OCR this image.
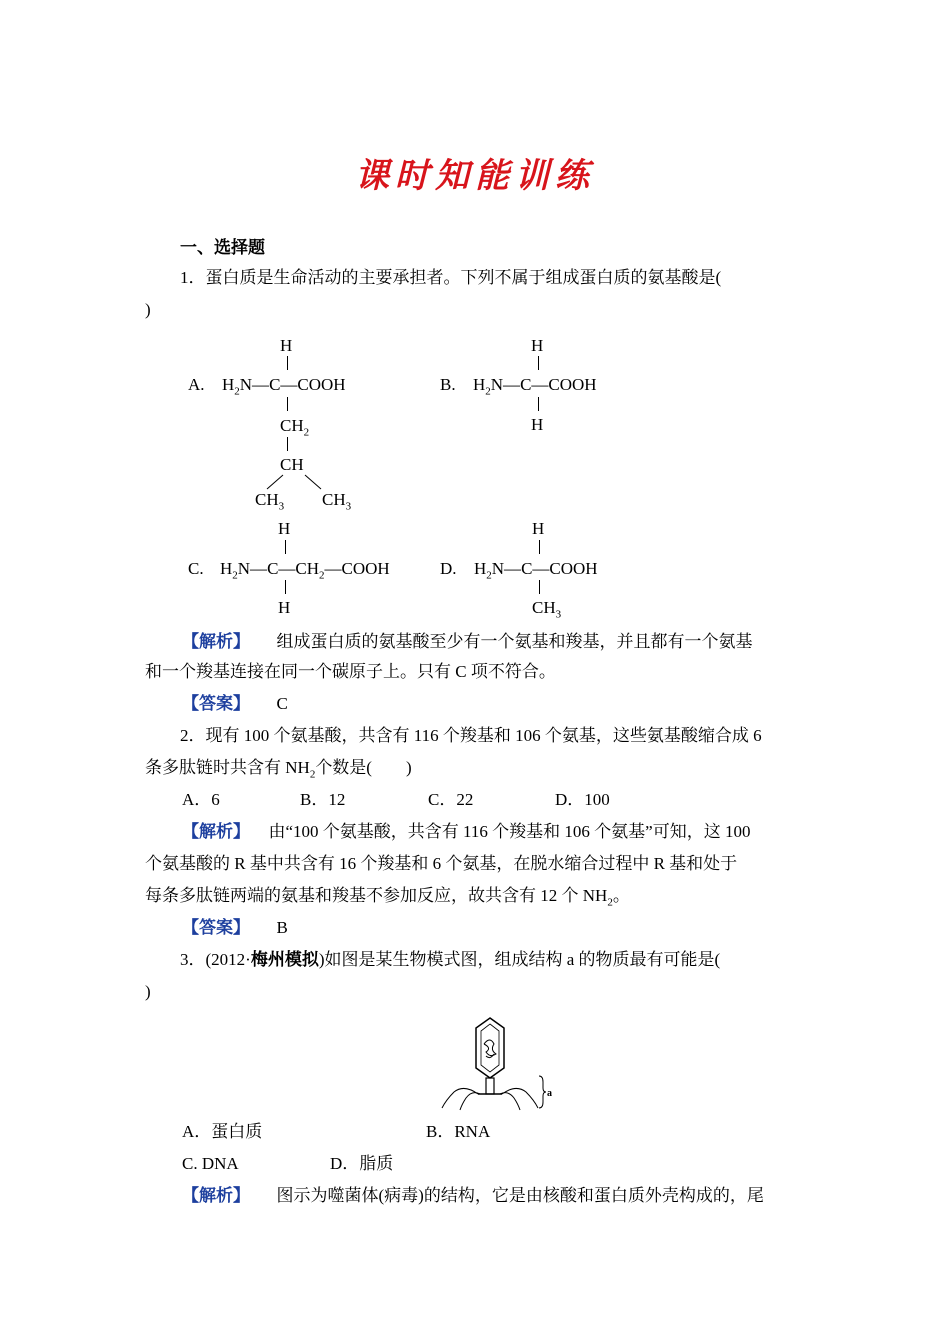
课时知能训练
一、选择题
1．蛋白质是生命活动的主要承担者。下列不属于组成蛋白质的氨基酸是(
)
A.
H
$H_2N—C—COOH$
$CH_2$
CH
$CH_3$ $CH_3$
B.
H
$H_2N—C—COOH$
H
C.
H
$H_2N—C—CH_2—COOH$
H
D.
H
$H_2N—C—COOH$
$CH_3$
【解析】 组成蛋白质的氨基酸至少有一个氨基和羧基，并且都有一个氨基
和一个羧基连接在同一个碳原子上。只有 C 项不符合。
【答案】 C
2．现有 100 个氨基酸，共含有 116 个羧基和 106 个氨基，这些氨基酸缩合成 6
条多肽链时共含有 $NH_2$个数是(　　)
A．6	B．12	C．22	D．100
【解析】 由“100 个氨基酸，共含有 116 个羧基和 106 个氨基”可知，这 100
个氨基酸的 R 基中共含有 16 个羧基和 6 个氨基，在脱水缩合过程中 R 基和处于
每条多肽链两端的氨基和羧基不参加反应，故共含有 12 个 $NH_2$。
【答案】 B
3．(2012·梅州模拟)如图是某生物模式图，组成结构 a 的物质最有可能是(
)
a
A．蛋白质	B．RNA
C. DNA	D．脂质
【解析】 图示为噬菌体(病毒)的结构，它是由核酸和蛋白质外壳构成的，尾
